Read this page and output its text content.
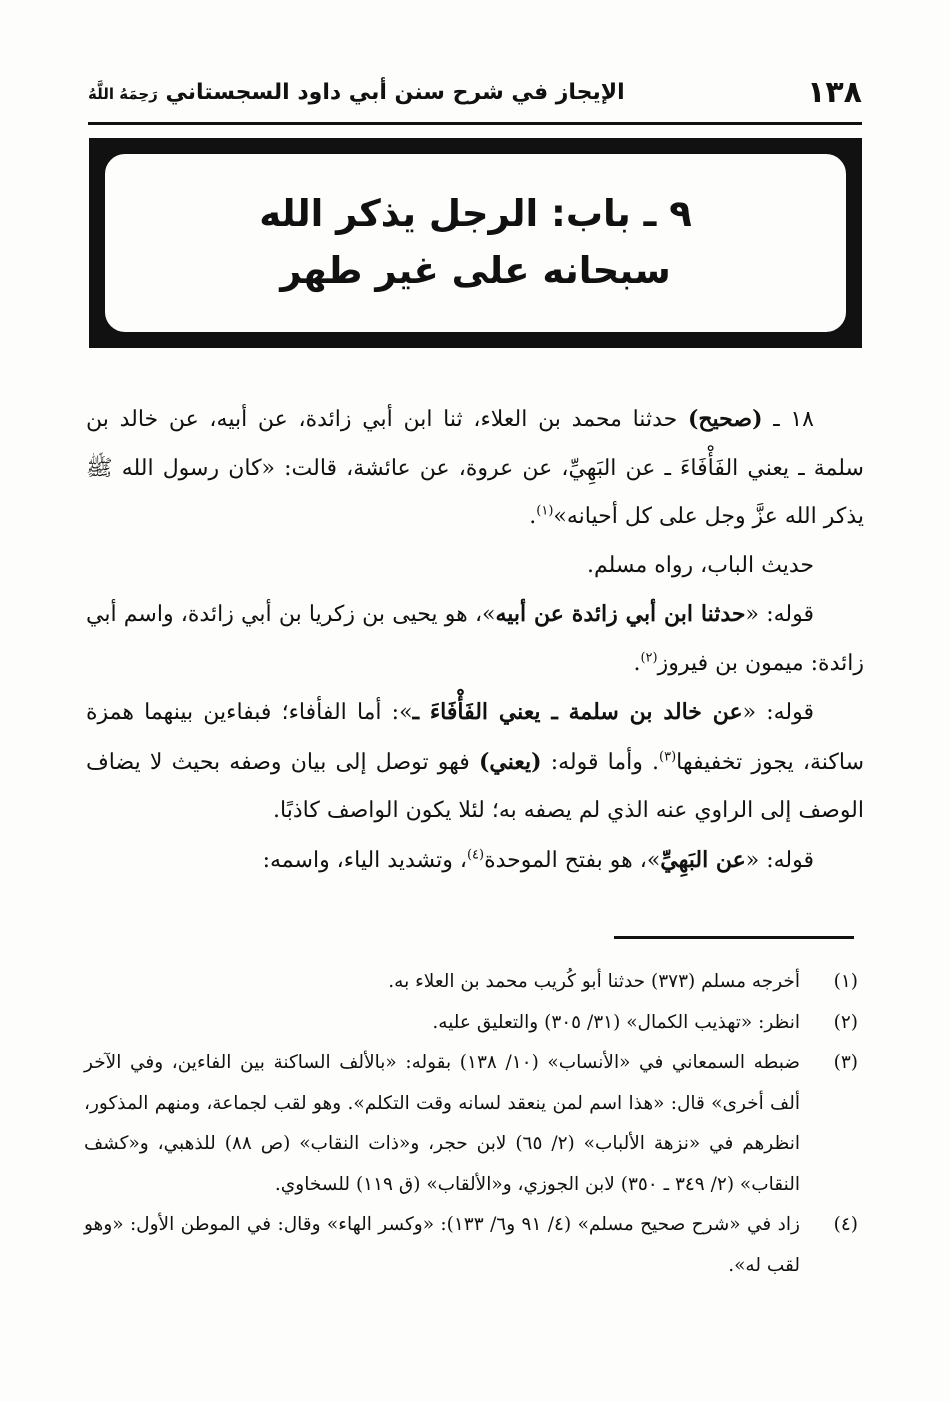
١٣٨
الإيجاز في شرح سنن أبي داود السجستاني رَحِمَهُ اللَّهُ
٩ ـ باب: الرجل يذكر الله
سبحانه على غير طهر

١٨ ـ (صحيح) حدثنا محمد بن العلاء، ثنا ابن أبي زائدة، عن أبيه، عن خالد بن سلمة ـ يعني الفَأْفَاءَ ـ عن البَهِيِّ، عن عروة، عن عائشة، قالت: «كان رسول الله ﷺ يذكر الله عزَّ وجل على كل أحيانه»$^{(١)}$.

حديث الباب، رواه مسلم.

قوله: «حدثنا ابن أبي زائدة عن أبيه»، هو يحيى بن زكريا بن أبي زائدة، واسم أبي زائدة: ميمون بن فيروز$^{(٢)}$.

قوله: «عن خالد بن سلمة ـ يعني الفَأْفَاءَ ـ»: أما الفأفاء؛ فبفاءين بينهما همزة ساكنة، يجوز تخفيفها$^{(٣)}$. وأما قوله: (يعني) فهو توصل إلى بيان وصفه بحيث لا يضاف الوصف إلى الراوي عنه الذي لم يصفه به؛ لئلا يكون الواصف كاذبًا.

قوله: «عن البَهِيِّ»، هو بفتح الموحدة$^{(٤)}$، وتشديد الياء، واسمه:

(١)
أخرجه مسلم (٣٧٣) حدثنا أبو كُريب محمد بن العلاء به.
(٢)
انظر: «تهذيب الكمال» (٣١/ ٣٠٥) والتعليق عليه.
(٣)
ضبطه السمعاني في «الأنساب» (١٠/ ١٣٨) بقوله: «بالألف الساكنة بين الفاءين، وفي الآخر ألف أخرى» قال: «هذا اسم لمن ينعقد لسانه وقت التكلم». وهو لقب لجماعة، ومنهم المذكور، انظرهم في «نزهة الألباب» (٢/ ٦٥) لابن حجر، و«ذات النقاب» (ص ٨٨) للذهبي، و«كشف النقاب» (٢/ ٣٤٩ ـ ٣٥٠) لابن الجوزي، و«الألقاب» (ق ١١٩) للسخاوي.
(٤)
زاد في «شرح صحيح مسلم» (٤/ ٩١ و٦/ ١٣٣): «وكسر الهاء» وقال: في الموطن الأول: «وهو لقب له».
